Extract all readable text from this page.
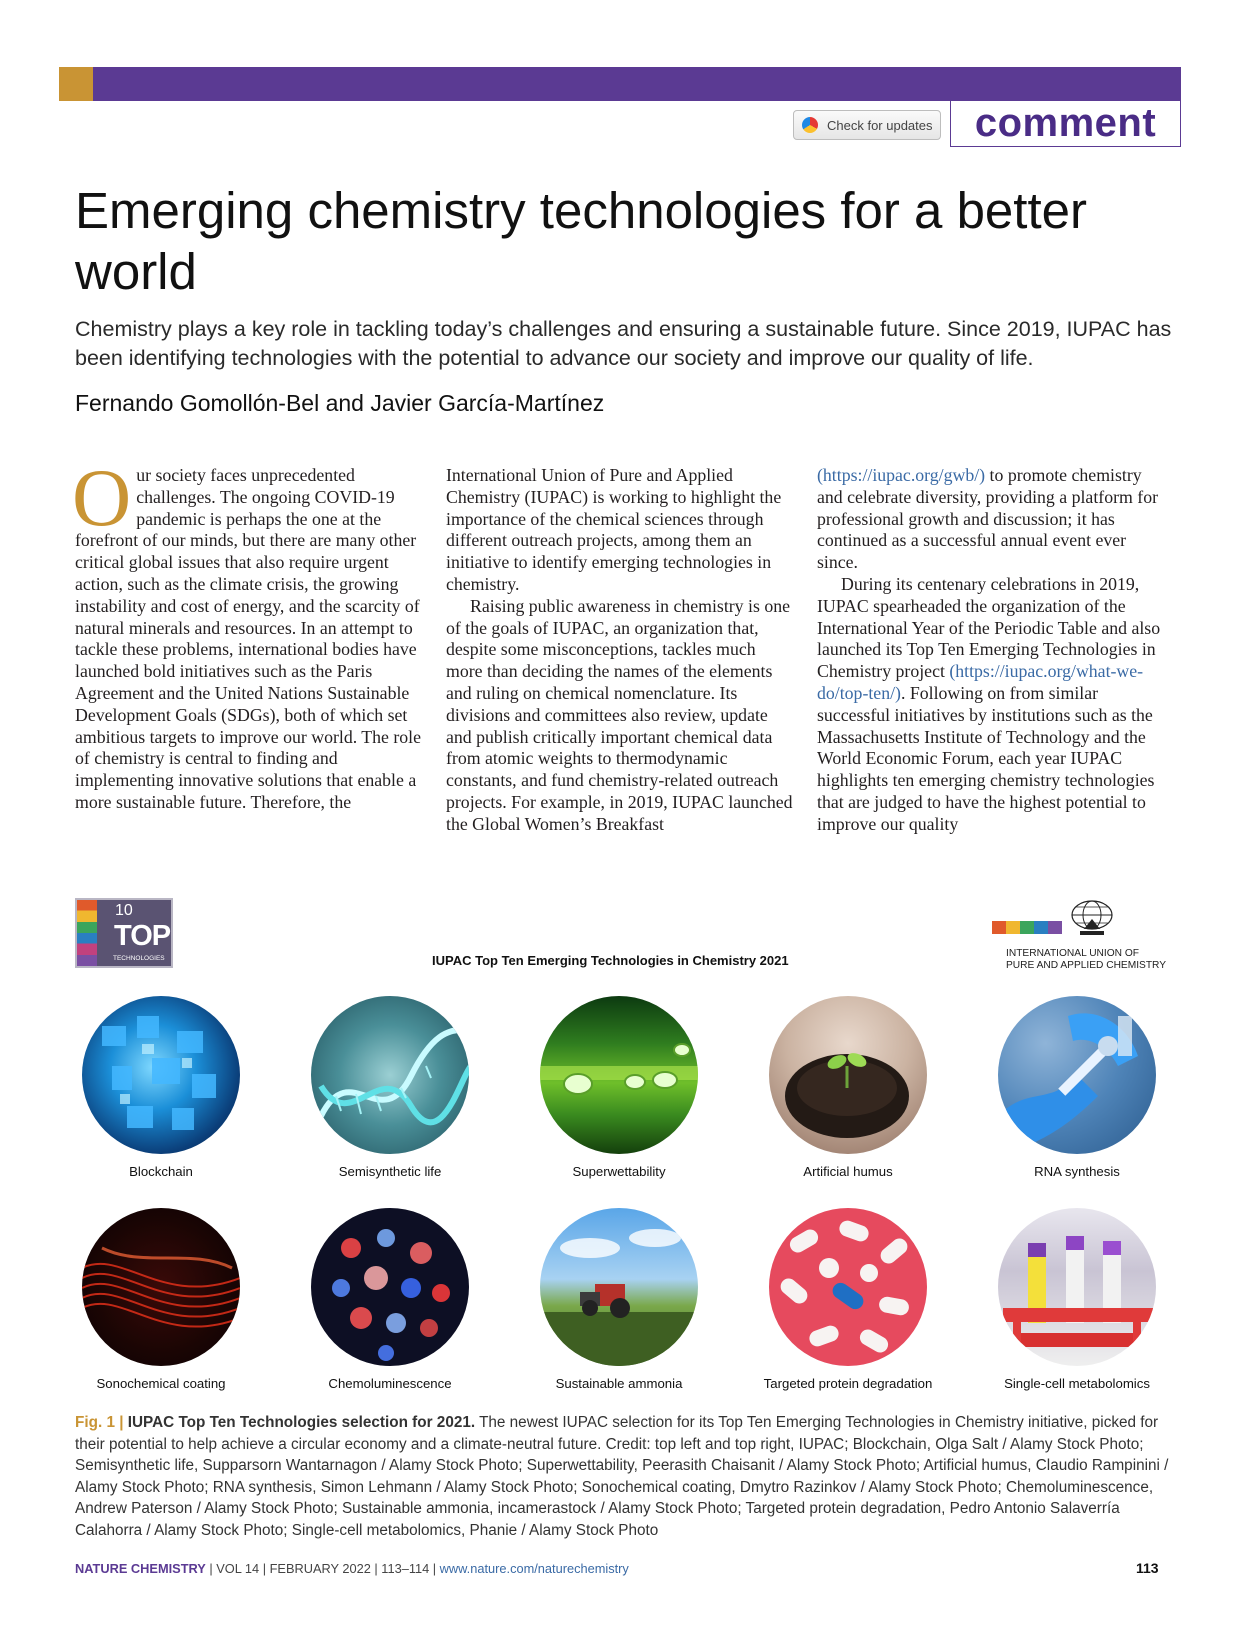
Check for updates	comment
Emerging chemistry technologies for a better world

Chemistry plays a key role in tackling today’s challenges and ensuring a sustainable future. Since 2019, IUPAC has been identifying technologies with the potential to advance our society and improve our quality of life.

Fernando Gomollón-Bel and Javier García-Martínez

Our society faces unprecedented challenges. The ongoing COVID-19 pandemic is perhaps the one at the forefront of our minds, but there are many other critical global issues that also require urgent action, such as the climate crisis, the growing instability and cost of energy, and the scarcity of natural minerals and resources. In an attempt to tackle these problems, international bodies have launched bold initiatives such as the Paris Agreement and the United Nations Sustainable Development Goals (SDGs), both of which set ambitious targets to improve our world. The role of chemistry is central to finding and implementing innovative solutions that enable a more sustainable future. Therefore, the

International Union of Pure and Applied Chemistry (IUPAC) is working to highlight the importance of the chemical sciences through different outreach projects, among them an initiative to identify emerging technologies in chemistry.

Raising public awareness in chemistry is one of the goals of IUPAC, an organization that, despite some misconceptions, tackles much more than deciding the names of the elements and ruling on chemical nomenclature. Its divisions and committees also review, update and publish critically important chemical data from atomic weights to thermodynamic constants, and fund chemistry-related outreach projects. For example, in 2019, IUPAC launched the Global Women’s Breakfast

(https://iupac.org/gwb/) to promote chemistry and celebrate diversity, providing a platform for professional growth and discussion; it has continued as a successful annual event ever since.

During its centenary celebrations in 2019, IUPAC spearheaded the organization of the International Year of the Periodic Table and also launched its Top Ten Emerging Technologies in Chemistry project (https://iupac.org/what-we-do/top-ten/). Following on from similar successful initiatives by institutions such as the Massachusetts Institute of Technology and the World Economic Forum, each year IUPAC highlights ten emerging chemistry technologies that are judged to have the highest potential to improve our quality

10
TOP
TECHNOLOGIES	IUPAC Top Ten Emerging Technologies in Chemistry 2021	INTERNATIONAL UNION OF
PURE AND APPLIED CHEMISTRY
Blockchain	Semisynthetic life	Superwettability	Artificial humus	RNA synthesis
Sonochemical coating	Chemoluminescence	Sustainable ammonia	Targeted protein degradation	Single-cell metabolomics

Fig. 1 | IUPAC Top Ten Technologies selection for 2021. The newest IUPAC selection for its Top Ten Emerging Technologies in Chemistry initiative, picked for their potential to help achieve a circular economy and a climate-neutral future. Credit: top left and top right, IUPAC; Blockchain, Olga Salt / Alamy Stock Photo; Semisynthetic life, Supparsorn Wantarnagon / Alamy Stock Photo; Superwettability, Peerasith Chaisanit / Alamy Stock Photo; Artificial humus, Claudio Rampinini / Alamy Stock Photo; RNA synthesis, Simon Lehmann / Alamy Stock Photo; Sonochemical coating, Dmytro Razinkov / Alamy Stock Photo; Chemoluminescence, Andrew Paterson / Alamy Stock Photo; Sustainable ammonia, incamerastock / Alamy Stock Photo; Targeted protein degradation, Pedro Antonio Salaverría Calahorra / Alamy Stock Photo; Single-cell metabolomics, Phanie / Alamy Stock Photo

NATURE CHEMISTRY | VOL 14 | FEBRUARY 2022 | 113–114 | www.nature.com/naturechemistry	113
